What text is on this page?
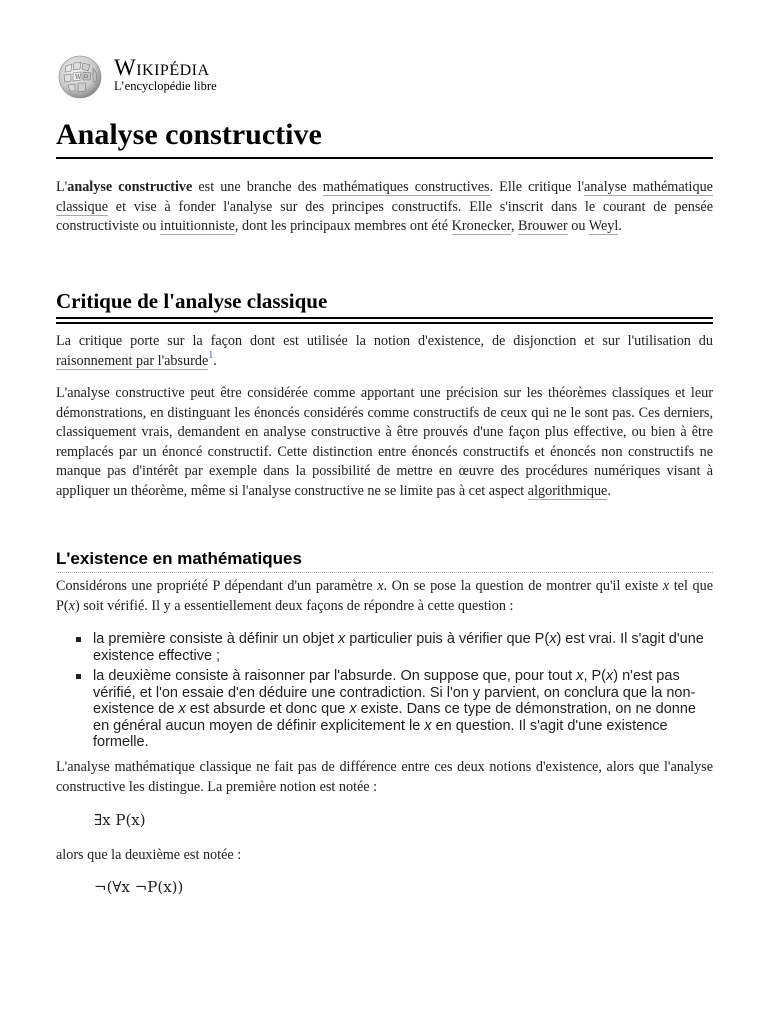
W Ω Wikipédia
L’encyclopédie libre
Analyse constructive

L'analyse constructive est une branche des mathématiques constructives. Elle critique l'analyse mathématique classique et vise à fonder l'analyse sur des principes constructifs. Elle s'inscrit dans le courant de pensée constructiviste ou intuitionniste, dont les principaux membres ont été Kronecker, Brouwer ou Weyl.

Critique de l'analyse classique

La critique porte sur la façon dont est utilisée la notion d'existence, de disjonction et sur l'utilisation du raisonnement par l'absurde$^1$.

L'analyse constructive peut être considérée comme apportant une précision sur les théorèmes classiques et leur démonstrations, en distinguant les énoncés considérés comme constructifs de ceux qui ne le sont pas. Ces derniers, classiquement vrais, demandent en analyse constructive à être prouvés d'une façon plus effective, ou bien à être remplacés par un énoncé constructif. Cette distinction entre énoncés constructifs et énoncés non constructifs ne manque pas d'intérêt par exemple dans la possibilité de mettre en œuvre des procédures numériques visant à appliquer un théorème, même si l'analyse constructive ne se limite pas à cet aspect algorithmique.

L'existence en mathématiques

Considérons une propriété P dépendant d'un paramètre x. On se pose la question de montrer qu'il existe x tel que P(x) soit vérifié. Il y a essentiellement deux façons de répondre à cette question :

la première consiste à définir un objet x particulier puis à vérifier que P(x) est vrai. Il s'agit d'une existence effective ;
la deuxième consiste à raisonner par l'absurde. On suppose que, pour tout x, P(x) n'est pas vérifié, et l'on essaie d'en déduire une contradiction. Si l'on y parvient, on conclura que la non-existence de x est absurde et donc que x existe. Dans ce type de démonstration, on ne donne en général aucun moyen de définir explicitement le x en question. Il s'agit d'une existence formelle.

L'analyse mathématique classique ne fait pas de différence entre ces deux notions d'existence, alors que l'analyse constructive les distingue. La première notion est notée :

∃x P(x)

alors que la deuxième est notée :

¬(∀x ¬P(x))
